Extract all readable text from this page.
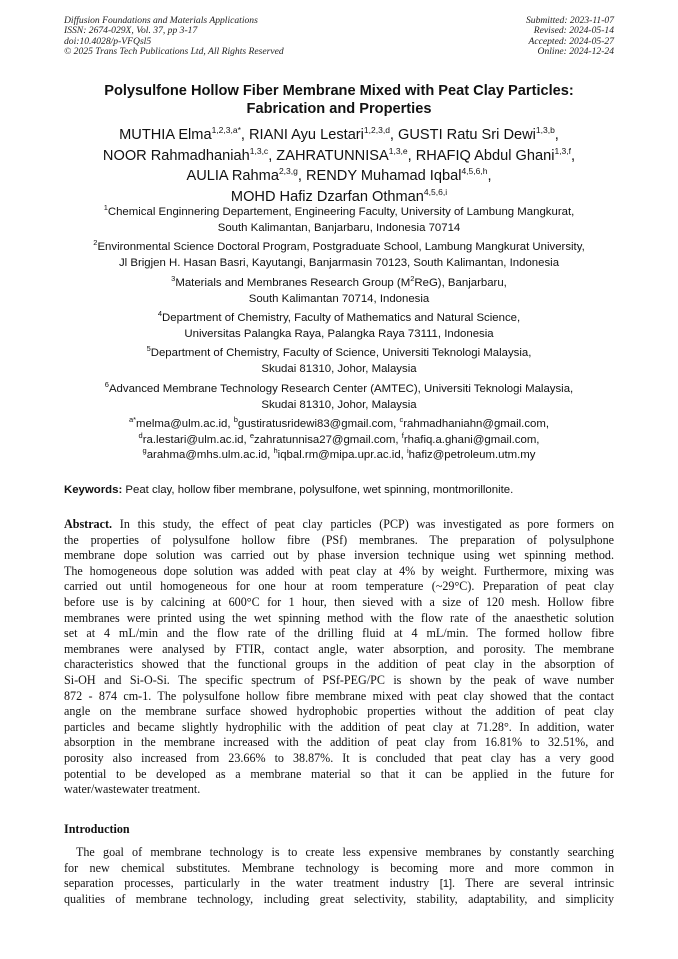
Diffusion Foundations and Materials Applications
ISSN: 2674-029X, Vol. 37, pp 3-17
doi:10.4028/p-VFQsl5
© 2025 Trans Tech Publications Ltd, All Rights Reserved
Submitted: 2023-11-07
Revised: 2024-05-14
Accepted: 2024-05-27
Online: 2024-12-24
Polysulfone Hollow Fiber Membrane Mixed with Peat Clay Particles:
Fabrication and Properties
MUTHIA Elma$^{1,2,3,a*}$, RIANI Ayu Lestari$^{1,2,3,d}$, GUSTI Ratu Sri Dewi$^{1,3,b}$,
NOOR Rahmadhaniah$^{1,3,c}$, ZAHRATUNNISA$^{1,3,e}$, RHAFIQ Abdul Ghani$^{1,3,f}$,
AULIA Rahma$^{2,3,g}$, RENDY Muhamad Iqbal$^{4,5,6,h}$,
MOHD Hafiz Dzarfan Othman$^{4,5,6,i}$
$^1$Chemical Enginnering Departement, Engineering Faculty, University of Lambung Mangkurat,
South Kalimantan, Banjarbaru, Indonesia 70714
$^2$Environmental Science Doctoral Program, Postgraduate School, Lambung Mangkurat University,
Jl Brigjen H. Hasan Basri, Kayutangi, Banjarmasin 70123, South Kalimantan, Indonesia
$^3$Materials and Membranes Research Group $(M^2ReG)$, Banjarbaru,
South Kalimantan 70714, Indonesia
$^4$Department of Chemistry, Faculty of Mathematics and Natural Science,
Universitas Palangka Raya, Palangka Raya 73111, Indonesia
$^5$Department of Chemistry, Faculty of Science, Universiti Teknologi Malaysia,
Skudai 81310, Johor, Malaysia
$^6$Advanced Membrane Technology Research Center (AMTEC), Universiti Teknologi Malaysia,
Skudai 81310, Johor, Malaysia
$^{a*}$melma@ulm.ac.id, $^b$gustiratusridewi83@gmail.com, $^c$rahmadhaniahn@gmail.com,
$^d$ra.lestari@ulm.ac.id, $^e$zahratunnisa27@gmail.com, $^f$rhafiq.a.ghani@gmail.com,
$^g$arahma@mhs.ulm.ac.id, $^h$iqbal.rm@mipa.upr.ac.id, $^i$hafiz@petroleum.utm.my
Keywords: Peat clay, hollow fiber membrane, polysulfone, wet spinning, montmorillonite.
Abstract. In this study, the effect of peat clay particles (PCP) was investigated as pore formers on
the properties of polysulfone hollow fibre (PSf) membranes. The preparation of polysulphone
membrane dope solution was carried out by phase inversion technique using wet spinning method.
The homogeneous dope solution was added with peat clay at 4% by weight. Furthermore, mixing was
carried out until homogeneous for one hour at room temperature (~29°C). Preparation of peat clay
before use is by calcining at 600°C for 1 hour, then sieved with a size of 120 mesh. Hollow fibre
membranes were printed using the wet spinning method with the flow rate of the anaesthetic solution
set at 4 mL/min and the flow rate of the drilling fluid at 4 mL/min. The formed hollow fibre
membranes were analysed by FTIR, contact angle, water absorption, and porosity. The membrane
characteristics showed that the functional groups in the addition of peat clay in the absorption of
Si-OH and Si-O-Si. The specific spectrum of PSf-PEG/PC is shown by the peak of wave number
872 - 874 cm-1. The polysulfone hollow fibre membrane mixed with peat clay showed that the contact
angle on the membrane surface showed hydrophobic properties without the addition of peat clay
particles and became slightly hydrophilic with the addition of peat clay at 71.28°. In addition, water
absorption in the membrane increased with the addition of peat clay from 16.81% to 32.51%, and
porosity also increased from 23.66% to 38.87%. It is concluded that peat clay has a very good
potential to be developed as a membrane material so that it can be applied in the future for
water/wastewater treatment.
Introduction
The goal of membrane technology is to create less expensive membranes by constantly searching
for new chemical substitutes. Membrane technology is becoming more and more common in
separation processes, particularly in the water treatment industry [1]. There are several intrinsic
qualities of membrane technology, including great selectivity, stability, adaptability, and simplicity
